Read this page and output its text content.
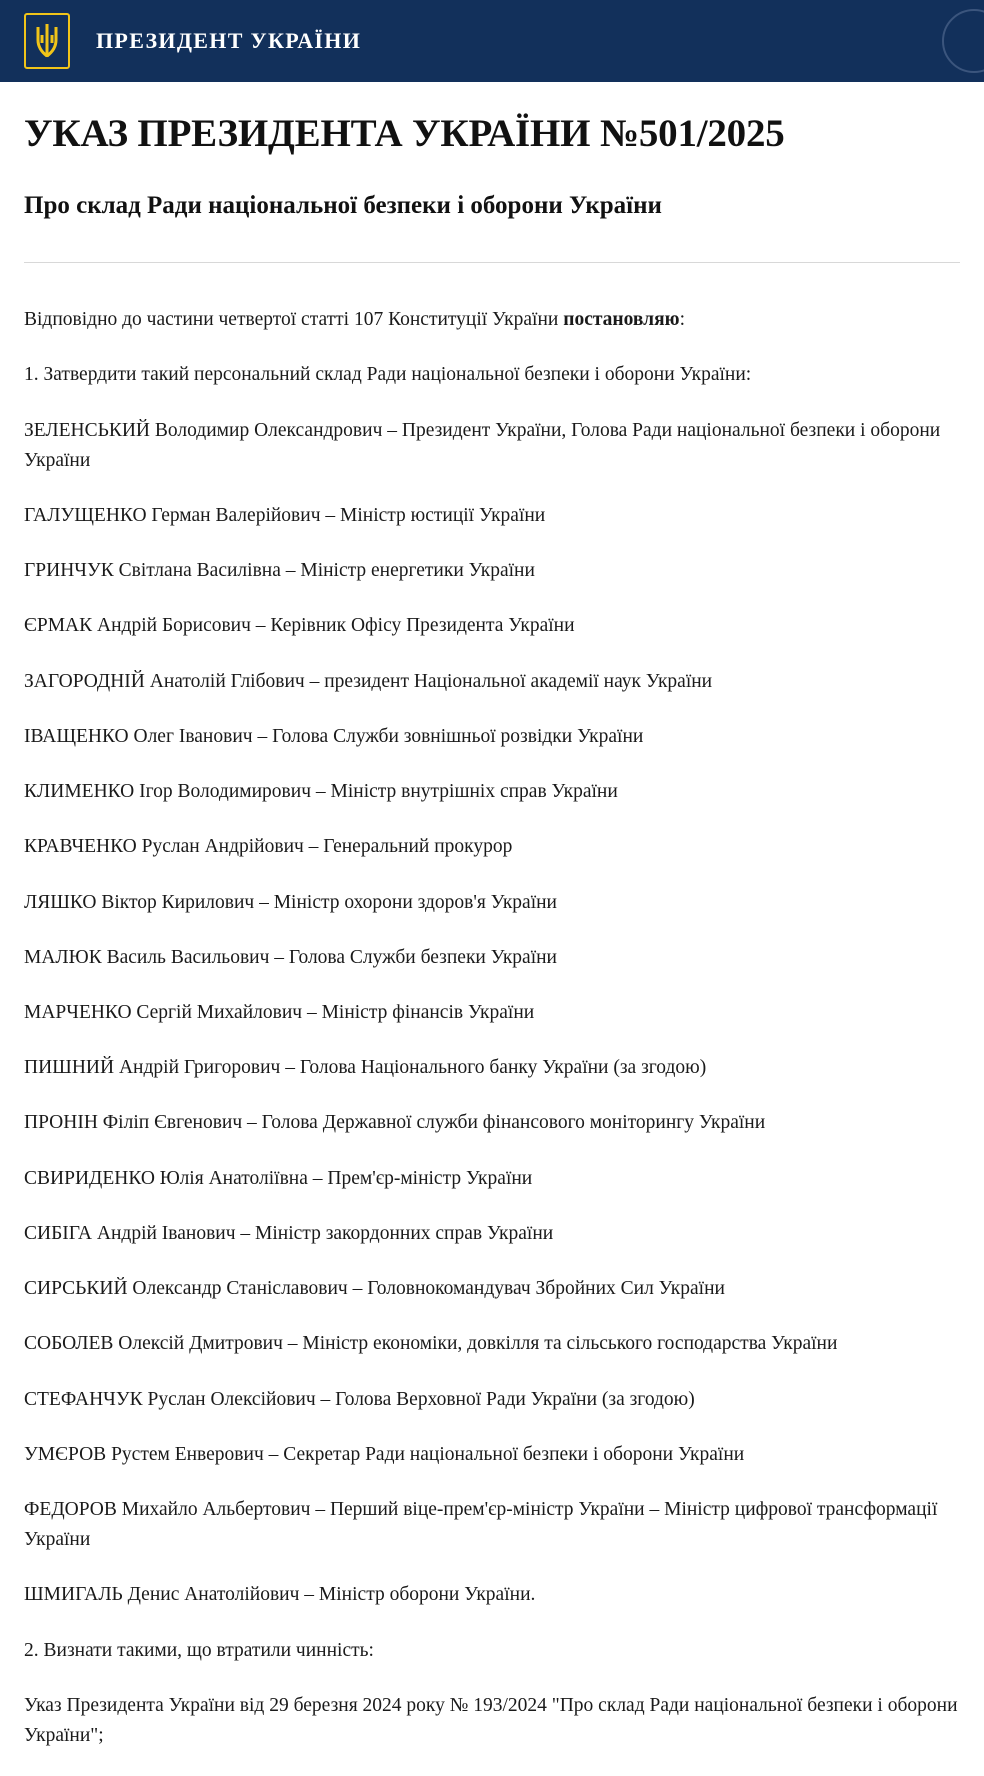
ПРЕЗИДЕНТ УКРАЇНИ
УКАЗ ПРЕЗИДЕНТА УКРАЇНИ №501/2025
Про склад Ради національної безпеки і оборони України

Відповідно до частини четвертої статті 107 Конституції України постановляю:

1. Затвердити такий персональний склад Ради національної безпеки і оборони України:

ЗЕЛЕНСЬКИЙ Володимир Олександрович – Президент України, Голова Ради національної безпеки і оборони України
ГАЛУЩЕНКО Герман Валерійович – Міністр юстиції України
ГРИНЧУК Світлана Василівна – Міністр енергетики України
ЄРМАК Андрій Борисович – Керівник Офісу Президента України
ЗАГОРОДНІЙ Анатолій Глібович – президент Національної академії наук України
ІВАЩЕНКО Олег Іванович – Голова Служби зовнішньої розвідки України
КЛИМЕНКО Ігор Володимирович – Міністр внутрішніх справ України
КРАВЧЕНКО Руслан Андрійович – Генеральний прокурор
ЛЯШКО Віктор Кирилович – Міністр охорони здоров'я України
МАЛЮК Василь Васильович – Голова Служби безпеки України
МАРЧЕНКО Сергій Михайлович – Міністр фінансів України
ПИШНИЙ Андрій Григорович – Голова Національного банку України (за згодою)
ПРОНІН Філіп Євгенович – Голова Державної служби фінансового моніторингу України
СВИРИДЕНКО Юлія Анатоліївна – Прем'єр-міністр України
СИБІГА Андрій Іванович – Міністр закордонних справ України
СИРСЬКИЙ Олександр Станіславович – Головнокомандувач Збройних Сил України
СОБОЛЕВ Олексій Дмитрович – Міністр економіки, довкілля та сільського господарства України
СТЕФАНЧУК Руслан Олексійович – Голова Верховної Ради України (за згодою)
УМЄРОВ Рустем Енверович – Секретар Ради національної безпеки і оборони України
ФЕДОРОВ Михайло Альбертович – Перший віце-прем'єр-міністр України – Міністр цифрової трансформації України
ШМИГАЛЬ Денис Анатолійович – Міністр оборони України.

2. Визнати такими, що втратили чинність:

Указ Президента України від 29 березня 2024 року № 193/2024 "Про склад Ради національної безпеки і оборони України";
